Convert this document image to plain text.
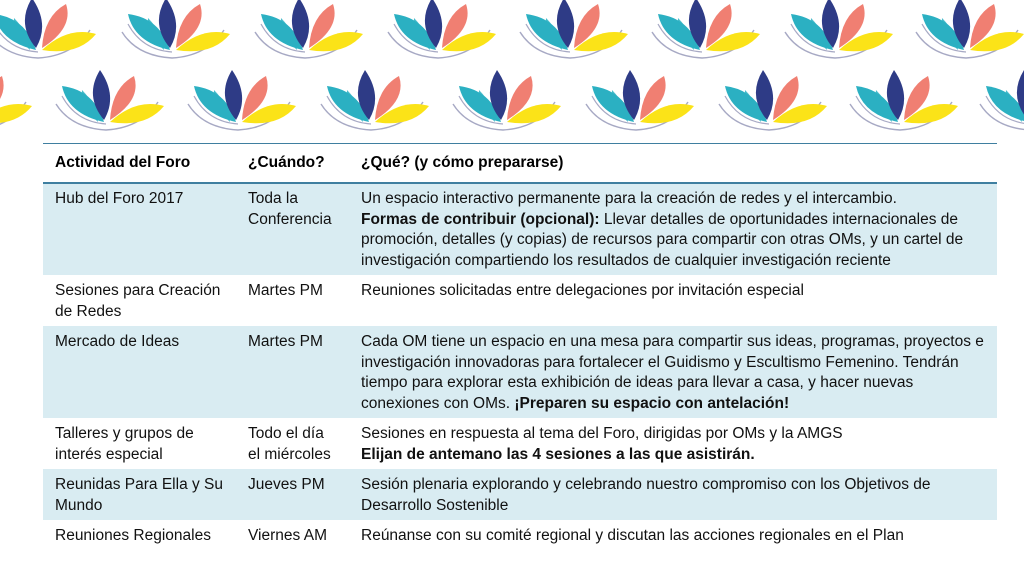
Actividad del Foro	¿Cuándo?	¿Qué? (y cómo prepararse)
Hub del Foro 2017	Toda la Conferencia	Un espacio interactivo permanente para la creación de redes y el intercambio.
Formas de contribuir (opcional): Llevar detalles de oportunidades internacionales de promoción, detalles (y copias) de recursos para compartir con otras OMs, y un cartel de investigación compartiendo los resultados de cualquier investigación reciente
Sesiones para Creación de Redes	Martes PM	Reuniones solicitadas entre delegaciones por invitación especial
Mercado de Ideas	Martes PM	Cada OM tiene un espacio en una mesa para compartir sus ideas, programas, proyectos e investigación innovadoras para fortalecer el Guidismo y Escultismo Femenino. Tendrán tiempo para explorar esta exhibición de ideas para llevar a casa, y hacer nuevas conexiones con OMs. ¡Preparen su espacio con antelación!
Talleres y grupos de interés especial	Todo el día el miércoles	Sesiones en respuesta al tema del Foro, dirigidas por OMs y la AMGS
Elijan de antemano las 4 sesiones a las que asistirán.
Reunidas Para Ella y Su Mundo	Jueves PM	Sesión plenaria explorando y celebrando nuestro compromiso con los Objetivos de Desarrollo Sostenible
Reuniones Regionales	Viernes AM	Reúnanse con su comité regional y discutan las acciones regionales en el Plan
